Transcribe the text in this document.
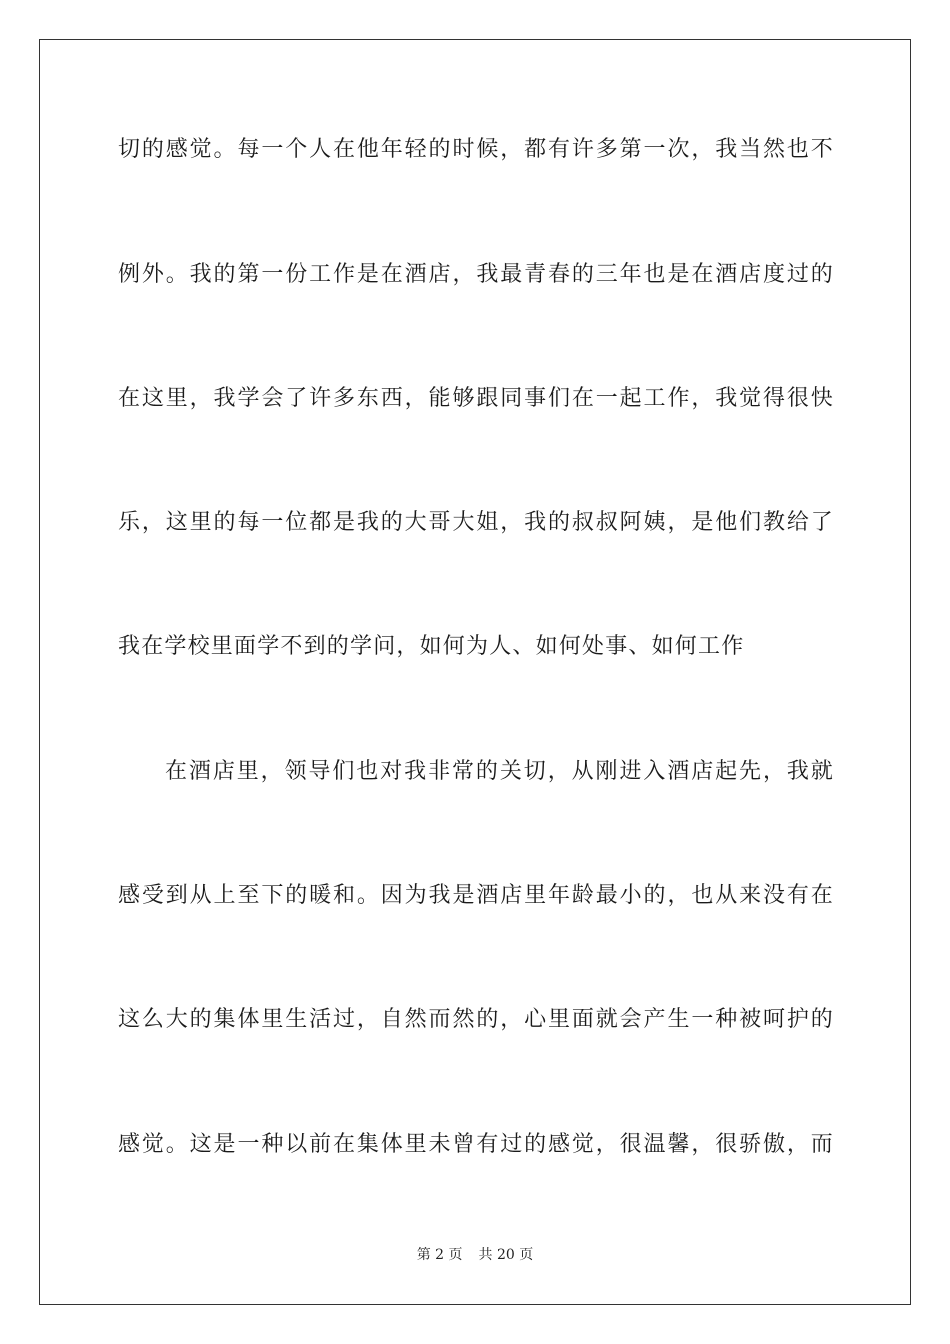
切的感觉。每一个人在他年轻的时候，都有许多第一次，我当然也不
例外。我的第一份工作是在酒店，我最青春的三年也是在酒店度过的
在这里，我学会了许多东西，能够跟同事们在一起工作，我觉得很快
乐，这里的每一位都是我的大哥大姐，我的叔叔阿姨，是他们教给了
我在学校里面学不到的学问，如何为人、如何处事、如何工作
在酒店里，领导们也对我非常的关切，从刚进入酒店起先，我就
感受到从上至下的暖和。因为我是酒店里年龄最小的，也从来没有在
这么大的集体里生活过，自然而然的，心里面就会产生一种被呵护的
感觉。这是一种以前在集体里未曾有过的感觉，很温馨，很骄傲，而
第 2 页 共 20 页
